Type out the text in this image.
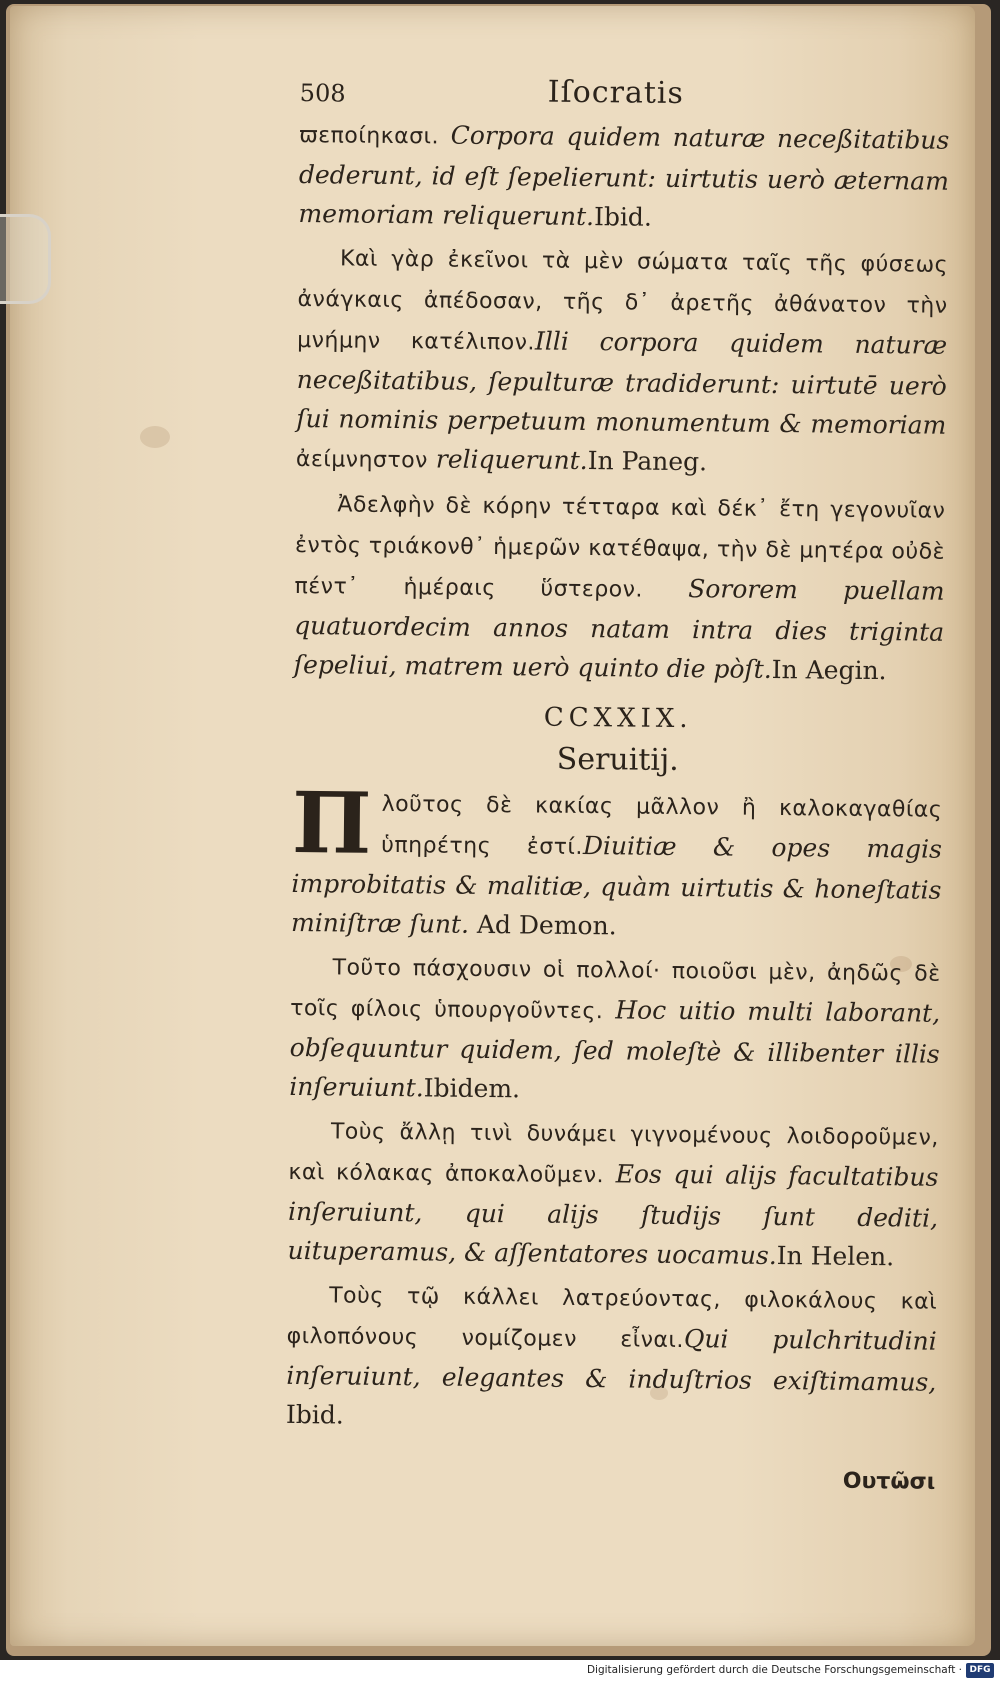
508	Iſocratis

ϖεποίηκασι. Corpora quidem naturæ neceßitatibus dederunt, id eſt ſepelierunt: uirtutis uerò æternam memoriam reliquerunt.Ibid.

Καὶ γὰρ ἐκεῖνοι τὰ μὲν σώματα ταῖς τῆς φύσεως ἀνάγκαις ἀπέδοσαν, τῆς δ᾽ ἀρετῆς ἀθάνατον τὴν μνήμην κατέλιπον.Illi corpora quidem naturæ neceßitatibus, ſepulturæ tradiderunt: uirtutē uerò ſui nominis perpetuum monumentum & memoriam ἀείμνηστον reliquerunt.In Paneg.

Ἀδελφὴν δὲ κόρην τέτταρα καὶ δέκ᾽ ἔτη γεγονυῖαν ἐντὸς τριάκονθ᾽ ἡμερῶν κατέθαψα, τὴν δὲ μητέρα οὐδὲ πέντ᾽ ἡμέραις ὕστερον. Sororem puellam quatuordecim annos natam intra dies triginta ſepeliui, matrem uerò quinto die pòſt.In Aegin.

CCXXIX.
Seruitij.

Πλοῦτος δὲ κακίας μᾶλλον ἢ καλοκαγαθίας ὑπηρέτης ἐστί.Diuitiæ & opes magis improbitatis & malitiæ, quàm uirtutis & honeſtatis miniſtræ ſunt. Ad Demon.

Τοῦτο πάσχουσιν οἱ πολλοί· ποιοῦσι μὲν, ἀηδῶς δὲ τοῖς φίλοις ὑπουργοῦντες. Hoc uitio multi laborant, obſequuntur quidem, ſed moleſtè & illibenter illis inſeruiunt.Ibidem.

Τοὺς ἄλλῃ τινὶ δυνάμει γιγνομένους λοιδοροῦμεν, καὶ κόλακας ἀποκαλοῦμεν. Eos qui alijs facultatibus inſeruiunt, qui alijs ſtudijs ſunt dediti, uituperamus, & aſſentatores uocamus.In Helen.

Τοὺς τῷ κάλλει λατρεύοντας, φιλοκάλους καὶ φιλοπόνους νομίζομεν εἶναι.Qui pulchritudini inſeruiunt, elegantes & induſtrios exiſtimamus, Ibid.

Ουτῶσι
Digitalisierung gefördert durch die Deutsche Forschungsgemeinschaft · DFG
